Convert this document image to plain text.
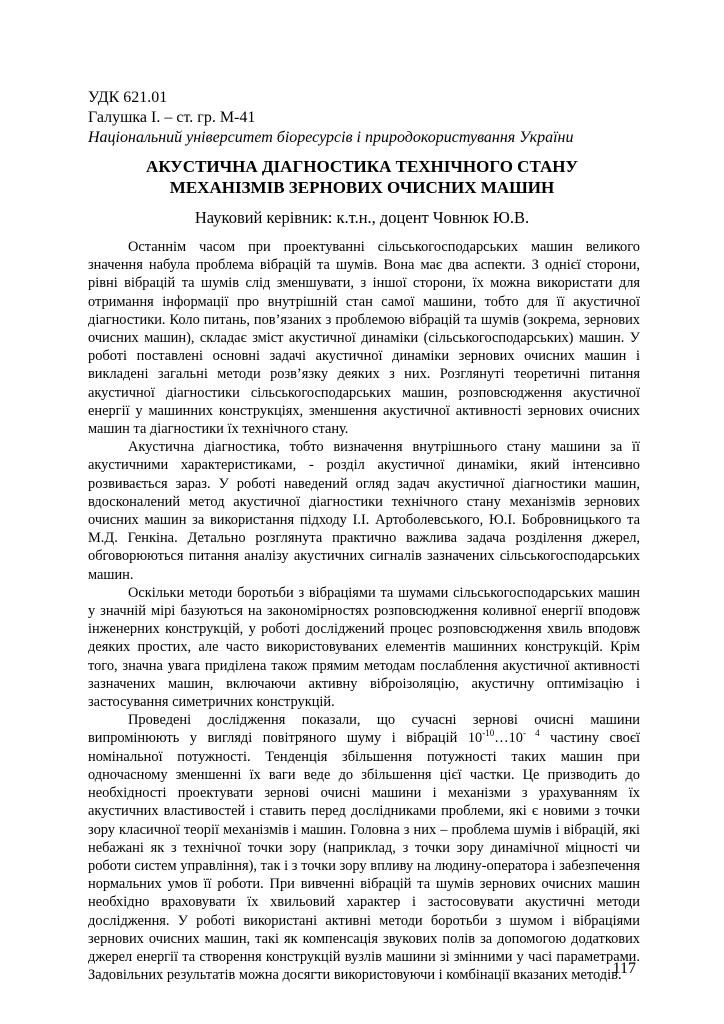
УДК 621.01
Галушка І. – ст. гр. М-41
Національний університет біоресурсів і природокористування України
АКУСТИЧНА ДІАГНОСТИКА ТЕХНІЧНОГО СТАНУ
МЕХАНІЗМІВ ЗЕРНОВИХ ОЧИСНИХ МАШИН
Науковий керівник: к.т.н., доцент Човнюк Ю.В.

Останнім часом при проектуванні сільськогосподарських машин великого значення набула проблема вібрацій та шумів. Вона має два аспекти. З однієї сторони, рівні вібрацій та шумів слід зменшувати, з іншої сторони, їх можна використати для отримання інформації про внутрішній стан самої машини, тобто для її акустичної діагностики. Коло питань, пов’язаних з проблемою вібрацій та шумів (зокрема, зернових очисних машин), складає зміст акустичної динаміки (сільськогосподарських) машин. У роботі поставлені основні задачі акустичної динаміки зернових очисних машин і викладені загальні методи розв’язку деяких з них. Розглянуті теоретичні питання акустичної діагностики сільськогосподарських машин, розповсюдження акустичної енергії у машинних конструкціях, зменшення акустичної активності зернових очисних машин та діагностики їх технічного стану.

Акустична діагностика, тобто визначення внутрішнього стану машини за її акустичними характеристиками, - розділ акустичної динаміки, який інтенсивно розвивається зараз. У роботі наведений огляд задач акустичної діагностики машин, вдосконалений метод акустичної діагностики технічного стану механізмів зернових очисних машин за використання підходу І.І. Артоболевського, Ю.І. Бобровницького та М.Д. Генкіна. Детально розглянута практично важлива задача розділення джерел, обговорюються питання аналізу акустичних сигналів зазначених сільськогосподарських машин.

Оскільки методи боротьби з вібраціями та шумами сільськогосподарських машин у значній мірі базуються на закономірностях розповсюдження коливної енергії вподовж інженерних конструкцій, у роботі досліджений процес розповсюдження хвиль вподовж деяких простих, але часто використовуваних елементів машинних конструкцій. Крім того, значна увага приділена також прямим методам послаблення акустичної активності зазначених машин, включаючи активну віброізоляцію, акустичну оптимізацію і застосування симетричних конструкцій.

Проведені дослідження показали, що сучасні зернові очисні машини випромінюють у вигляді повітряного шуму і вібрацій $10^{-10}\dots 10^{- 4}$ частину своєї номінальної потужності. Тенденція збільшення потужності таких машин при одночасному зменшенні їх ваги веде до збільшення цієї частки. Це призводить до необхідності проектувати зернові очисні машини і механізми з урахуванням їх акустичних властивостей і ставить перед дослідниками проблеми, які є новими з точки зору класичної теорії механізмів і машин. Головна з них – проблема шумів і вібрацій, які небажані як з технічної точки зору (наприклад, з точки зору динамічної міцності чи роботи систем управління), так і з точки зору впливу на людину-оператора і забезпечення нормальних умов її роботи. При вивченні вібрацій та шумів зернових очисних машин необхідно враховувати їх хвильовий характер і застосовувати акустичні методи дослідження. У роботі використані активні методи боротьби з шумом і вібраціями зернових очисних машин, такі як компенсація звукових полів за допомогою додаткових джерел енергії та створення конструкцій вузлів машини зі змінними у часі параметрами. Задовільних результатів можна досягти використовуючи і комбінації вказаних методів.

117
